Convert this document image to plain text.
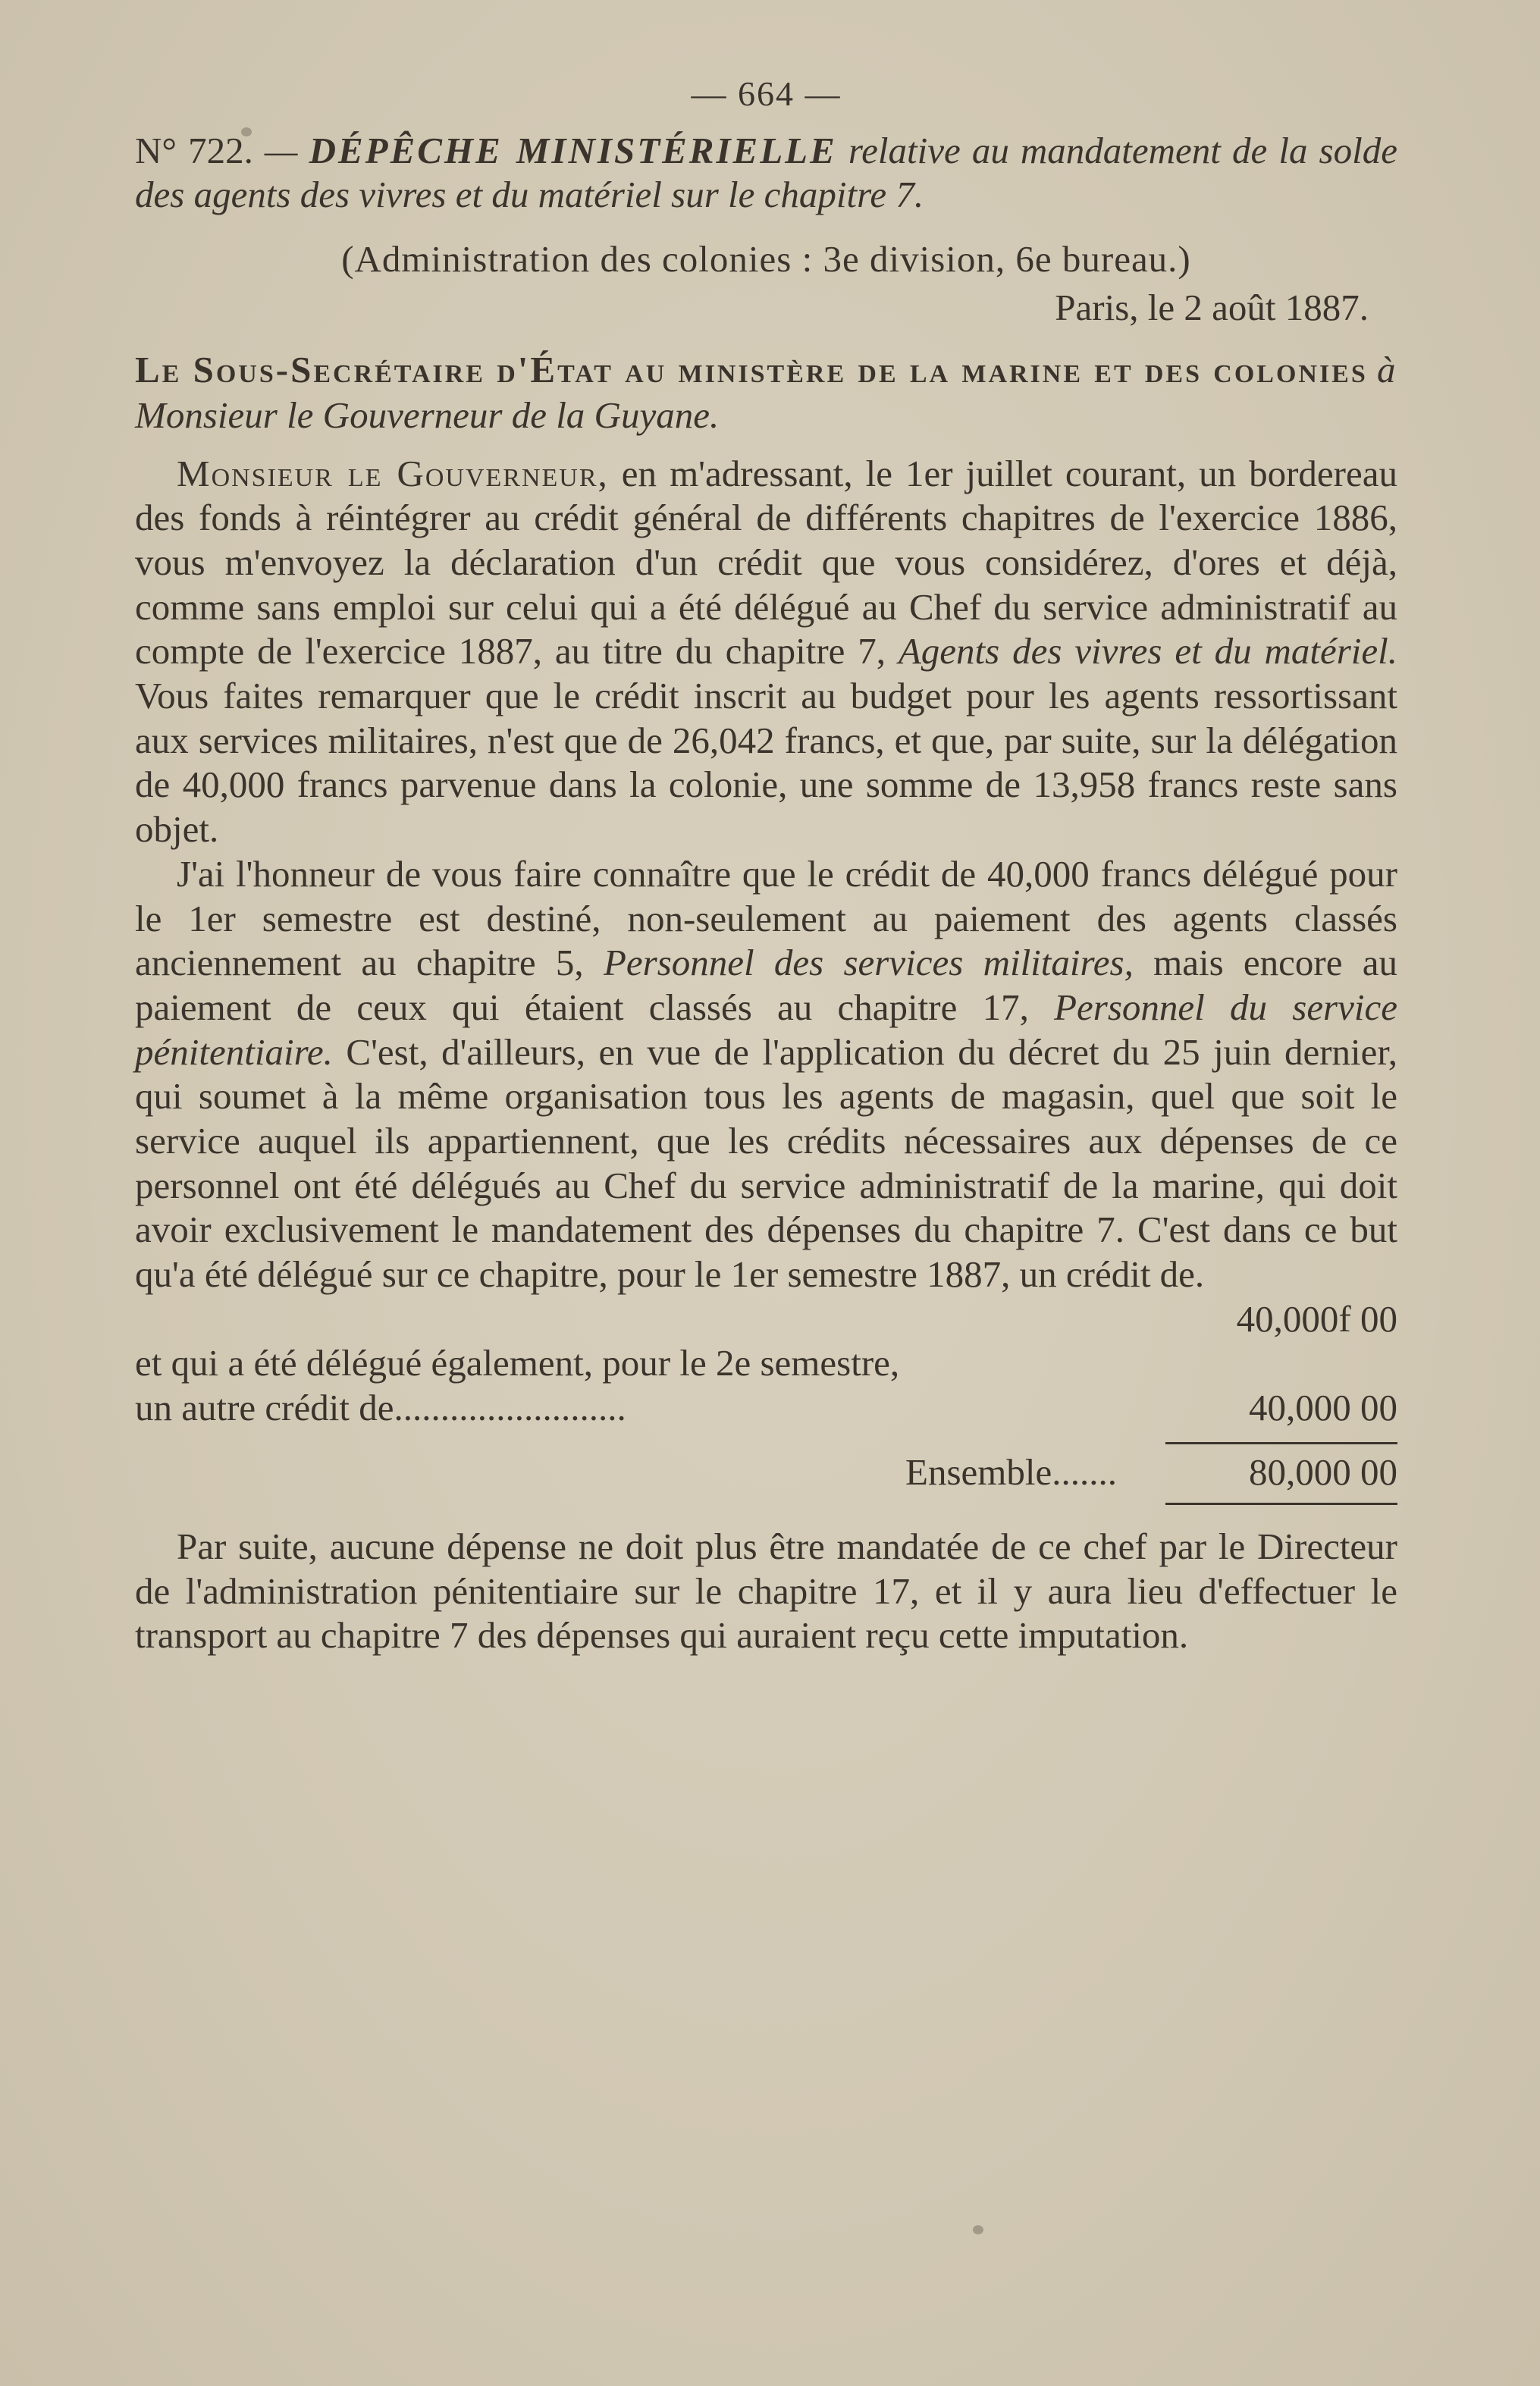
— 664 —

N° 722. — DÉPÊCHE MINISTÉRIELLE relative au mandatement de la solde des agents des vivres et du matériel sur le chapitre 7.

(Administration des colonies : 3e division, 6e bureau.)
Paris, le 2 août 1887.
Le Sous-Secrétaire d'État au ministère de la marine et des colonies à Monsieur le Gouverneur de la Guyane.

Monsieur le Gouverneur, en m'adressant, le 1er juillet courant, un bordereau des fonds à réintégrer au crédit général de différents chapitres de l'exercice 1886, vous m'envoyez la déclaration d'un crédit que vous considérez, d'ores et déjà, comme sans emploi sur celui qui a été délégué au Chef du service administratif au compte de l'exercice 1887, au titre du chapitre 7, Agents des vivres et du matériel. Vous faites remarquer que le crédit inscrit au budget pour les agents ressortissant aux services militaires, n'est que de 26,042 francs, et que, par suite, sur la délégation de 40,000 francs parvenue dans la colonie, une somme de 13,958 francs reste sans objet.

J'ai l'honneur de vous faire connaître que le crédit de 40,000 francs délégué pour le 1er semestre est destiné, non-seulement au paiement des agents classés anciennement au chapitre 5, Personnel des services militaires, mais encore au paiement de ceux qui étaient classés au chapitre 17, Personnel du service pénitentiaire. C'est, d'ailleurs, en vue de l'application du décret du 25 juin dernier, qui soumet à la même organisation tous les agents de magasin, quel que soit le service auquel ils appartiennent, que les crédits nécessaires aux dépenses de ce personnel ont été délégués au Chef du service administratif de la marine, qui doit avoir exclusivement le mandatement des dépenses du chapitre 7. C'est dans ce but qu'a été délégué sur ce chapitre, pour le 1er semestre 1887, un crédit de.

40,000f 00
et qui a été délégué également, pour le 2e semestre,
un autre crédit de.........................	40,000 00
Ensemble.......	80,000 00

Par suite, aucune dépense ne doit plus être mandatée de ce chef par le Directeur de l'administration pénitentiaire sur le chapitre 17, et il y aura lieu d'effectuer le transport au chapitre 7 des dépenses qui auraient reçu cette imputation.
